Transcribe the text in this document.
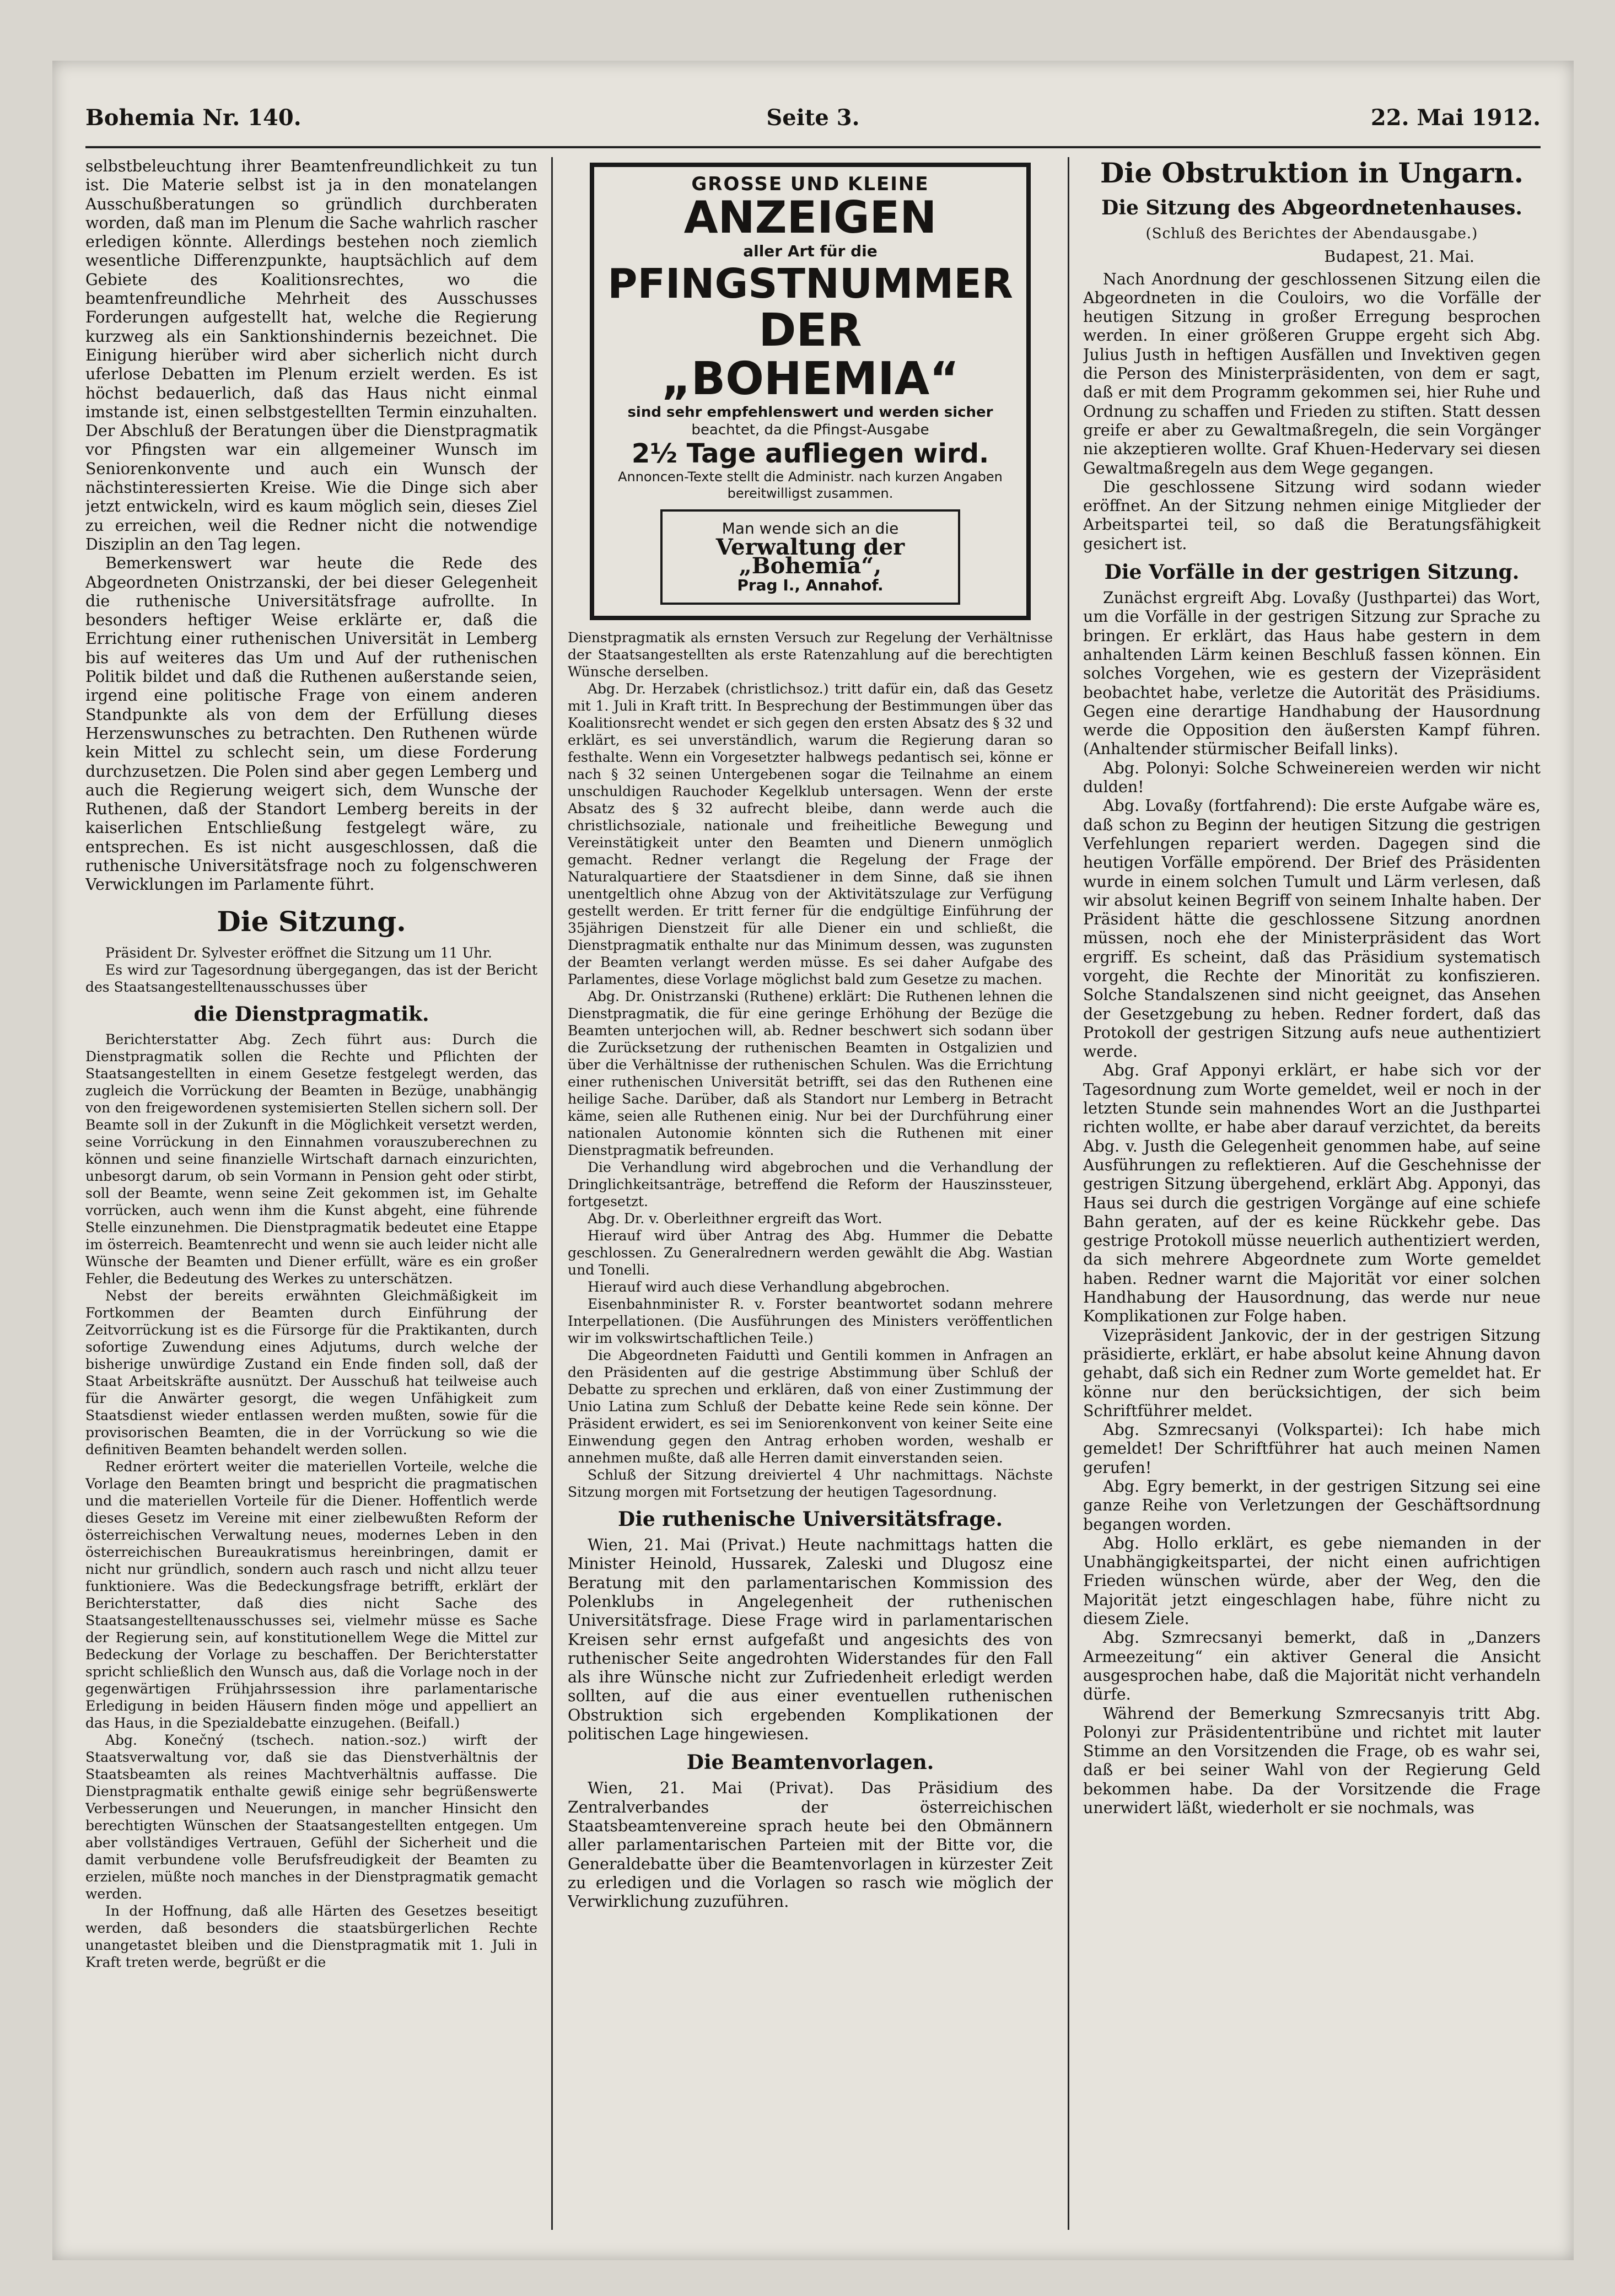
Bohemia Nr. 140.	Seite 3.	22. Mai 1912.

selbstbeleuchtung ihrer Beamtenfreundlichkeit zu tun ist. Die Materie selbst ist ja in den monatelangen Ausschußberatungen so gründlich durchberaten worden, daß man im Plenum die Sache wahrlich rascher erledigen könnte. Allerdings bestehen noch ziemlich wesentliche Differenzpunkte, hauptsächlich auf dem Gebiete des Koalitionsrechtes, wo die beamtenfreundliche Mehrheit des Ausschusses Forderungen aufgestellt hat, welche die Regierung kurzweg als ein Sanktionshindernis bezeichnet. Die Einigung hierüber wird aber sicherlich nicht durch uferlose Debatten im Plenum erzielt werden. Es ist höchst bedauerlich, daß das Haus nicht einmal imstande ist, einen selbstgestellten Termin einzuhalten. Der Abschluß der Beratungen über die Dienstpragmatik vor Pfingsten war ein allgemeiner Wunsch im Seniorenkonvente und auch ein Wunsch der nächstinteressierten Kreise. Wie die Dinge sich aber jetzt entwickeln, wird es kaum möglich sein, dieses Ziel zu erreichen, weil die Redner nicht die notwendige Disziplin an den Tag legen.

Bemerkenswert war heute die Rede des Abgeordneten Onistrzanski, der bei dieser Gelegenheit die ruthenische Universitätsfrage aufrollte. In besonders heftiger Weise erklärte er, daß die Errichtung einer ruthenischen Universität in Lemberg bis auf weiteres das Um und Auf der ruthenischen Politik bildet und daß die Ruthenen außerstande seien, irgend eine politische Frage von einem anderen Standpunkte als von dem der Erfüllung dieses Herzenswunsches zu betrachten. Den Ruthenen würde kein Mittel zu schlecht sein, um diese Forderung durchzusetzen. Die Polen sind aber gegen Lemberg und auch die Regierung weigert sich, dem Wunsche der Ruthenen, daß der Standort Lemberg bereits in der kaiserlichen Entschließung festgelegt wäre, zu entsprechen. Es ist nicht ausgeschlossen, daß die ruthenische Universitätsfrage noch zu folgenschweren Verwicklungen im Parlamente führt.

Die Sitzung.

Präsident Dr. Sylvester eröffnet die Sitzung um 11 Uhr.

Es wird zur Tagesordnung übergegangen, das ist der Bericht des Staatsangestelltenausschusses über

die Dienstpragmatik.

Berichterstatter Abg. Zech führt aus: Durch die Dienstpragmatik sollen die Rechte und Pflichten der Staatsangestellten in einem Gesetze festgelegt werden, das zugleich die Vorrückung der Beamten in Bezüge, unabhängig von den freigewordenen systemisierten Stellen sichern soll. Der Beamte soll in der Zukunft in die Möglichkeit versetzt werden, seine Vorrückung in den Einnahmen vorauszuberechnen zu können und seine finanzielle Wirtschaft darnach einzurichten, unbesorgt darum, ob sein Vormann in Pension geht oder stirbt, soll der Beamte, wenn seine Zeit gekommen ist, im Gehalte vorrücken, auch wenn ihm die Kunst abgeht, eine führende Stelle einzunehmen. Die Dienstpragmatik bedeutet eine Etappe im österreich. Beamtenrecht und wenn sie auch leider nicht alle Wünsche der Beamten und Diener erfüllt, wäre es ein großer Fehler, die Bedeutung des Werkes zu unterschätzen.

Nebst der bereits erwähnten Gleichmäßigkeit im Fortkommen der Beamten durch Einführung der Zeitvorrückung ist es die Fürsorge für die Praktikanten, durch sofortige Zuwendung eines Adjutums, durch welche der bisherige unwürdige Zustand ein Ende finden soll, daß der Staat Arbeitskräfte ausnützt. Der Ausschuß hat teilweise auch für die Anwärter gesorgt, die wegen Unfähigkeit zum Staatsdienst wieder entlassen werden mußten, sowie für die provisorischen Beamten, die in der Vorrückung so wie die definitiven Beamten behandelt werden sollen.

Redner erörtert weiter die materiellen Vorteile, welche die Vorlage den Beamten bringt und bespricht die pragmatischen und die materiellen Vorteile für die Diener. Hoffentlich werde dieses Gesetz im Vereine mit einer zielbewußten Reform der österreichischen Verwaltung neues, modernes Leben in den österreichischen Bureaukratismus hereinbringen, damit er nicht nur gründlich, sondern auch rasch und nicht allzu teuer funktioniere. Was die Bedeckungsfrage betrifft, erklärt der Berichterstatter, daß dies nicht Sache des Staatsangestelltenausschusses sei, vielmehr müsse es Sache der Regierung sein, auf konstitutionellem Wege die Mittel zur Bedeckung der Vorlage zu beschaffen. Der Berichterstatter spricht schließlich den Wunsch aus, daß die Vorlage noch in der gegenwärtigen Frühjahrssession ihre parlamentarische Erledigung in beiden Häusern finden möge und appelliert an das Haus, in die Spezialdebatte einzugehen. (Beifall.)

Abg. Konečný (tschech. nation.-soz.) wirft der Staatsverwaltung vor, daß sie das Dienstverhältnis der Staatsbeamten als reines Machtverhältnis auffasse. Die Dienstpragmatik enthalte gewiß einige sehr begrüßenswerte Verbesserungen und Neuerungen, in mancher Hinsicht den berechtigten Wünschen der Staatsangestellten entgegen. Um aber vollständiges Vertrauen, Gefühl der Sicherheit und die damit verbundene volle Berufsfreudigkeit der Beamten zu erzielen, müßte noch manches in der Dienstpragmatik gemacht werden.

In der Hoffnung, daß alle Härten des Gesetzes beseitigt werden, daß besonders die staatsbürgerlichen Rechte unangetastet bleiben und die Dienstpragmatik mit 1. Juli in Kraft treten werde, begrüßt er die

GROSSE UND KLEINE
ANZEIGEN
aller Art für die
PFINGSTNUMMER
DER „BOHEMIA“
sind sehr empfehlenswert und werden sicher
beachtet, da die Pfingst-Ausgabe
2½ Tage aufliegen wird.
Annoncen-Texte stellt die Administr. nach kurzen Angaben bereitwilligst zusammen.
Man wende sich an die
Verwaltung der „Bohemia“,
Prag I., Annahof.

Dienstpragmatik als ernsten Versuch zur Regelung der Verhältnisse der Staatsangestellten als erste Ratenzahlung auf die berechtigten Wünsche derselben.

Abg. Dr. Herzabek (christlichsoz.) tritt dafür ein, daß das Gesetz mit 1. Juli in Kraft tritt. In Besprechung der Bestimmungen über das Koalitionsrecht wendet er sich gegen den ersten Absatz des § 32 und erklärt, es sei unverständlich, warum die Regierung daran so festhalte. Wenn ein Vorgesetzter halbwegs pedantisch sei, könne er nach § 32 seinen Untergebenen sogar die Teilnahme an einem unschuldigen Rauchoder Kegelklub untersagen. Wenn der erste Absatz des § 32 aufrecht bleibe, dann werde auch die christlichsoziale, nationale und freiheitliche Bewegung und Vereinstätigkeit unter den Beamten und Dienern unmöglich gemacht. Redner verlangt die Regelung der Frage der Naturalquartiere der Staatsdiener in dem Sinne, daß sie ihnen unentgeltlich ohne Abzug von der Aktivitätszulage zur Verfügung gestellt werden. Er tritt ferner für die endgültige Einführung der 35jährigen Dienstzeit für alle Diener ein und schließt, die Dienstpragmatik enthalte nur das Minimum dessen, was zugunsten der Beamten verlangt werden müsse. Es sei daher Aufgabe des Parlamentes, diese Vorlage möglichst bald zum Gesetze zu machen.

Abg. Dr. Onistrzanski (Ruthene) erklärt: Die Ruthenen lehnen die Dienstpragmatik, die für eine geringe Erhöhung der Bezüge die Beamten unterjochen will, ab. Redner beschwert sich sodann über die Zurücksetzung der ruthenischen Beamten in Ostgalizien und über die Verhältnisse der ruthenischen Schulen. Was die Errichtung einer ruthenischen Universität betrifft, sei das den Ruthenen eine heilige Sache. Darüber, daß als Standort nur Lemberg in Betracht käme, seien alle Ruthenen einig. Nur bei der Durchführung einer nationalen Autonomie könnten sich die Ruthenen mit einer Dienstpragmatik befreunden.

Die Verhandlung wird abgebrochen und die Verhandlung der Dringlichkeitsanträge, betreffend die Reform der Hauszinssteuer, fortgesetzt.

Abg. Dr. v. Oberleithner ergreift das Wort.

Hierauf wird über Antrag des Abg. Hummer die Debatte geschlossen. Zu Generalrednern werden gewählt die Abg. Wastian und Tonelli.

Hierauf wird auch diese Verhandlung abgebrochen.

Eisenbahnminister R. v. Forster beantwortet sodann mehrere Interpellationen. (Die Ausführungen des Ministers veröffentlichen wir im volkswirtschaftlichen Teile.)

Die Abgeordneten Faiduttì und Gentili kommen in Anfragen an den Präsidenten auf die gestrige Abstimmung über Schluß der Debatte zu sprechen und erklären, daß von einer Zustimmung der Unio Latina zum Schluß der Debatte keine Rede sein könne. Der Präsident erwidert, es sei im Seniorenkonvent von keiner Seite eine Einwendung gegen den Antrag erhoben worden, weshalb er annehmen mußte, daß alle Herren damit einverstanden seien.

Schluß der Sitzung dreiviertel 4 Uhr nachmittags. Nächste Sitzung morgen mit Fortsetzung der heutigen Tagesordnung.

Die ruthenische Universitätsfrage.

Wien, 21. Mai (Privat.) Heute nachmittags hatten die Minister Heinold, Hussarek, Zaleski und Dlugosz eine Beratung mit den parlamentarischen Kommission des Polenklubs in Angelegenheit der ruthenischen Universitätsfrage. Diese Frage wird in parlamentarischen Kreisen sehr ernst aufgefaßt und angesichts des von ruthenischer Seite angedrohten Widerstandes für den Fall als ihre Wünsche nicht zur Zufriedenheit erledigt werden sollten, auf die aus einer eventuellen ruthenischen Obstruktion sich ergebenden Komplikationen der politischen Lage hingewiesen.

Die Beamtenvorlagen.

Wien, 21. Mai (Privat). Das Präsidium des Zentralverbandes der österreichischen Staatsbeamtenvereine sprach heute bei den Obmännern aller parlamentarischen Parteien mit der Bitte vor, die Generaldebatte über die Beamtenvorlagen in kürzester Zeit zu erledigen und die Vorlagen so rasch wie möglich der Verwirklichung zuzuführen.

Die Obstruktion in Ungarn.
Die Sitzung des Abgeordnetenhauses.
(Schluß des Berichtes der Abendausgabe.)
Budapest, 21. Mai.

Nach Anordnung der geschlossenen Sitzung eilen die Abgeordneten in die Couloirs, wo die Vorfälle der heutigen Sitzung in großer Erregung besprochen werden. In einer größeren Gruppe ergeht sich Abg. Julius Justh in heftigen Ausfällen und Invektiven gegen die Person des Ministerpräsidenten, von dem er sagt, daß er mit dem Programm gekommen sei, hier Ruhe und Ordnung zu schaffen und Frieden zu stiften. Statt dessen greife er aber zu Gewaltmaßregeln, die sein Vorgänger nie akzeptieren wollte. Graf Khuen-Hedervary sei diesen Gewaltmaßregeln aus dem Wege gegangen.

Die geschlossene Sitzung wird sodann wieder eröffnet. An der Sitzung nehmen einige Mitglieder der Arbeitspartei teil, so daß die Beratungsfähigkeit gesichert ist.

Die Vorfälle in der gestrigen Sitzung.

Zunächst ergreift Abg. Lovaßy (Justhpartei) das Wort, um die Vorfälle in der gestrigen Sitzung zur Sprache zu bringen. Er erklärt, das Haus habe gestern in dem anhaltenden Lärm keinen Beschluß fassen können. Ein solches Vorgehen, wie es gestern der Vizepräsident beobachtet habe, verletze die Autorität des Präsidiums. Gegen eine derartige Handhabung der Hausordnung werde die Opposition den äußersten Kampf führen. (Anhaltender stürmischer Beifall links).

Abg. Polonyi: Solche Schweinereien werden wir nicht dulden!

Abg. Lovaßy (fortfahrend): Die erste Aufgabe wäre es, daß schon zu Beginn der heutigen Sitzung die gestrigen Verfehlungen repariert werden. Dagegen sind die heutigen Vorfälle empörend. Der Brief des Präsidenten wurde in einem solchen Tumult und Lärm verlesen, daß wir absolut keinen Begriff von seinem Inhalte haben. Der Präsident hätte die geschlossene Sitzung anordnen müssen, noch ehe der Ministerpräsident das Wort ergriff. Es scheint, daß das Präsidium systematisch vorgeht, die Rechte der Minorität zu konfiszieren. Solche Standalszenen sind nicht geeignet, das Ansehen der Gesetzgebung zu heben. Redner fordert, daß das Protokoll der gestrigen Sitzung aufs neue authentiziert werde.

Abg. Graf Apponyi erklärt, er habe sich vor der Tagesordnung zum Worte gemeldet, weil er noch in der letzten Stunde sein mahnendes Wort an die Justhpartei richten wollte, er habe aber darauf verzichtet, da bereits Abg. v. Justh die Gelegenheit genommen habe, auf seine Ausführungen zu reflektieren. Auf die Geschehnisse der gestrigen Sitzung übergehend, erklärt Abg. Apponyi, das Haus sei durch die gestrigen Vorgänge auf eine schiefe Bahn geraten, auf der es keine Rückkehr gebe. Das gestrige Protokoll müsse neuerlich authentiziert werden, da sich mehrere Abgeordnete zum Worte gemeldet haben. Redner warnt die Majorität vor einer solchen Handhabung der Hausordnung, das werde nur neue Komplikationen zur Folge haben.

Vizepräsident Jankovic, der in der gestrigen Sitzung präsidierte, erklärt, er habe absolut keine Ahnung davon gehabt, daß sich ein Redner zum Worte gemeldet hat. Er könne nur den berücksichtigen, der sich beim Schriftführer meldet.

Abg. Szmrecsanyi (Volkspartei): Ich habe mich gemeldet! Der Schriftführer hat auch meinen Namen gerufen!

Abg. Egry bemerkt, in der gestrigen Sitzung sei eine ganze Reihe von Verletzungen der Geschäftsordnung begangen worden.

Abg. Hollo erklärt, es gebe niemanden in der Unabhängigkeitspartei, der nicht einen aufrichtigen Frieden wünschen würde, aber der Weg, den die Majorität jetzt eingeschlagen habe, führe nicht zu diesem Ziele.

Abg. Szmrecsanyi bemerkt, daß in „Danzers Armeezeitung“ ein aktiver General die Ansicht ausgesprochen habe, daß die Majorität nicht verhandeln dürfe.

Während der Bemerkung Szmrecsanyis tritt Abg. Polonyi zur Präsidententribüne und richtet mit lauter Stimme an den Vorsitzenden die Frage, ob es wahr sei, daß er bei seiner Wahl von der Regierung Geld bekommen habe. Da der Vorsitzende die Frage unerwidert läßt, wiederholt er sie nochmals, was
